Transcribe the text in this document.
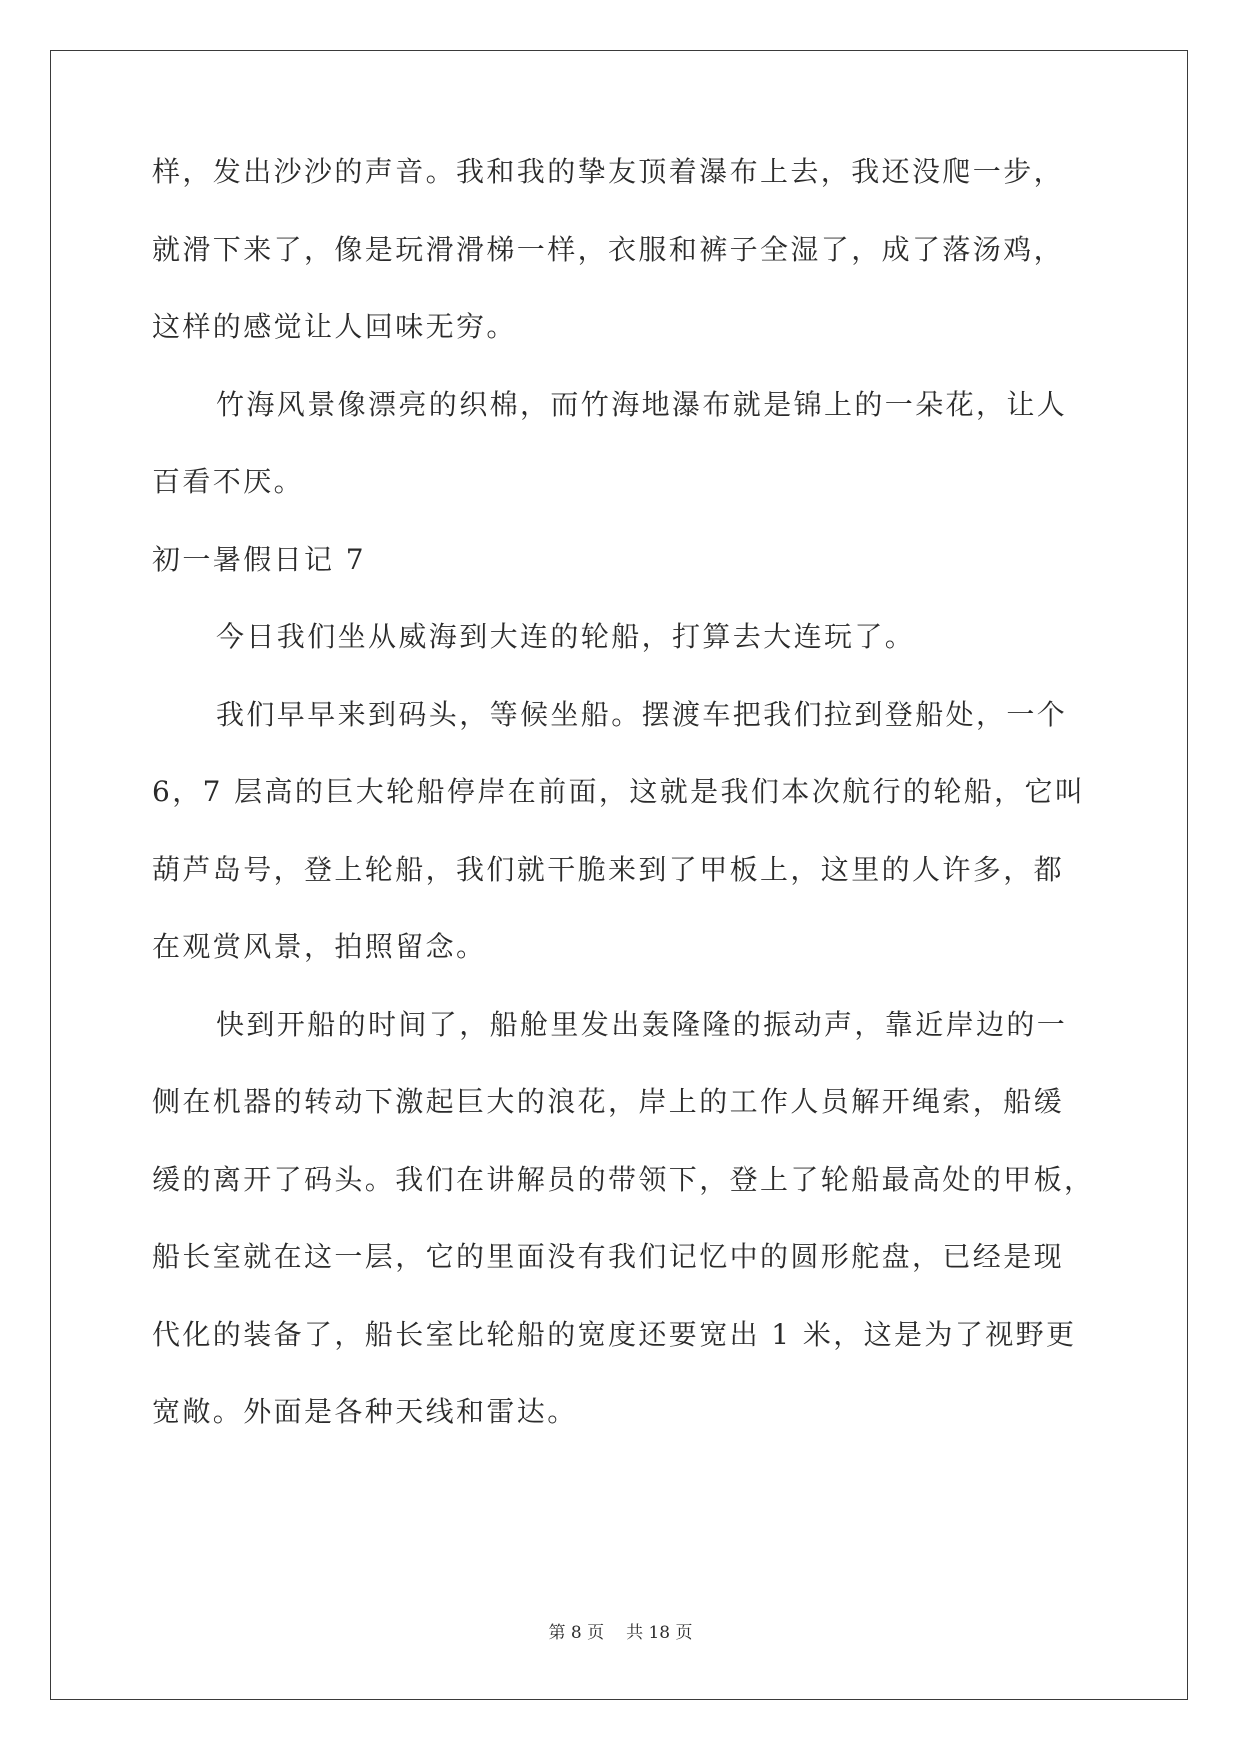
样，发出沙沙的声音。我和我的挚友顶着瀑布上去，我还没爬一步，
就滑下来了，像是玩滑滑梯一样，衣服和裤子全湿了，成了落汤鸡，
这样的感觉让人回味无穷。
竹海风景像漂亮的织棉，而竹海地瀑布就是锦上的一朵花，让人
百看不厌。
初一暑假日记 7
今日我们坐从威海到大连的轮船，打算去大连玩了。
我们早早来到码头，等候坐船。摆渡车把我们拉到登船处，一个
6，7 层高的巨大轮船停岸在前面，这就是我们本次航行的轮船，它叫
葫芦岛号，登上轮船，我们就干脆来到了甲板上，这里的人许多，都
在观赏风景，拍照留念。
快到开船的时间了，船舱里发出轰隆隆的振动声，靠近岸边的一
侧在机器的转动下激起巨大的浪花，岸上的工作人员解开绳索，船缓
缓的离开了码头。我们在讲解员的带领下，登上了轮船最高处的甲板，
船长室就在这一层，它的里面没有我们记忆中的圆形舵盘，已经是现
代化的装备了，船长室比轮船的宽度还要宽出 1 米，这是为了视野更
宽敞。外面是各种天线和雷达。
第 8 页 共 18 页
